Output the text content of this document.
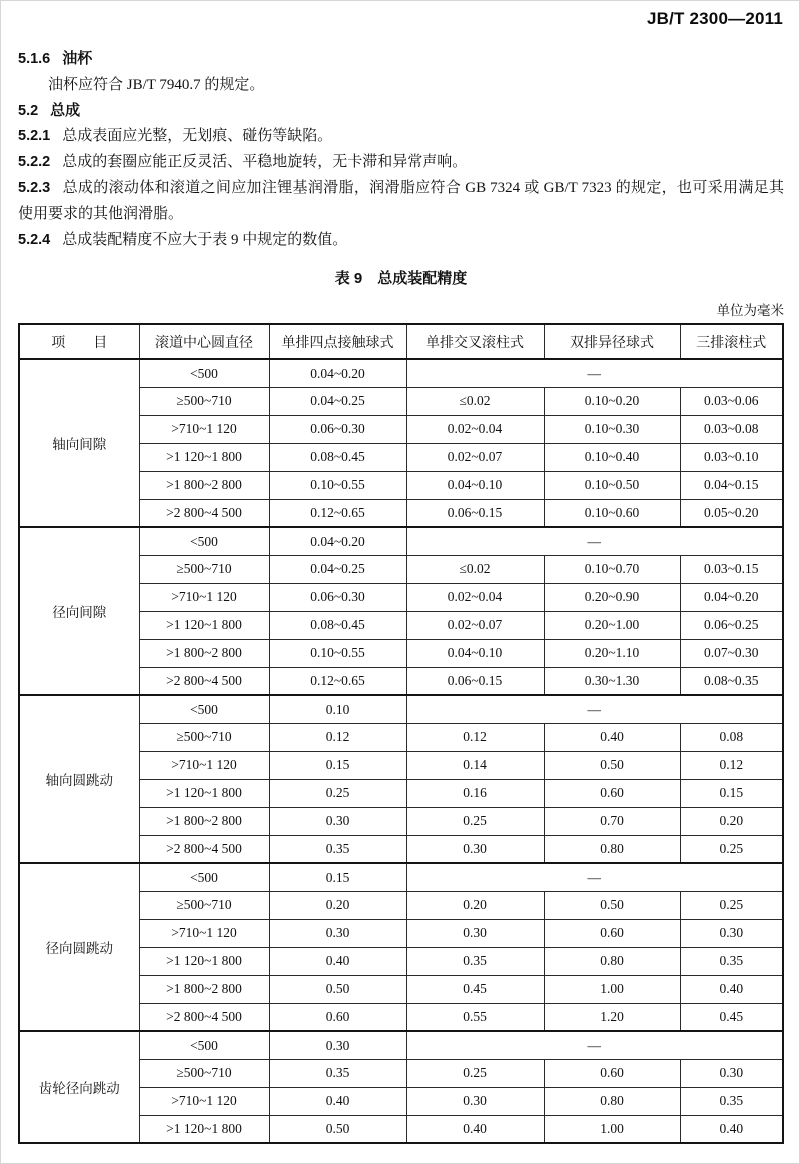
JB/T 2300—2011
5.1.6 油杯

油杯应符合 JB/T 7940.7 的规定。

5.2 总成

5.2.1 总成表面应光整，无划痕、碰伤等缺陷。

5.2.2 总成的套圈应能正反灵活、平稳地旋转，无卡滞和异常声响。

5.2.3 总成的滚动体和滚道之间应加注锂基润滑脂，润滑脂应符合 GB 7324 或 GB/T 7323 的规定，也可采用满足其使用要求的其他润滑脂。

5.2.4 总成装配精度不应大于表 9 中规定的数值。

表 9　总成装配精度
单位为毫米
项　　目	滚道中心圆直径	单排四点接触球式	单排交叉滚柱式	双排异径球式	三排滚柱式
轴向间隙	<500	0.04~0.20	—		
	≥500~710	0.04~0.25	≤0.02	0.10~0.20	0.03~0.06
	>710~1 120	0.06~0.30	0.02~0.04	0.10~0.30	0.03~0.08
	>1 120~1 800	0.08~0.45	0.02~0.07	0.10~0.40	0.03~0.10
	>1 800~2 800	0.10~0.55	0.04~0.10	0.10~0.50	0.04~0.15
	>2 800~4 500	0.12~0.65	0.06~0.15	0.10~0.60	0.05~0.20
径向间隙	<500	0.04~0.20	—		
	≥500~710	0.04~0.25	≤0.02	0.10~0.70	0.03~0.15
	>710~1 120	0.06~0.30	0.02~0.04	0.20~0.90	0.04~0.20
	>1 120~1 800	0.08~0.45	0.02~0.07	0.20~1.00	0.06~0.25
	>1 800~2 800	0.10~0.55	0.04~0.10	0.20~1.10	0.07~0.30
	>2 800~4 500	0.12~0.65	0.06~0.15	0.30~1.30	0.08~0.35
轴向圆跳动	<500	0.10	—		
	≥500~710	0.12	0.12	0.40	0.08
	>710~1 120	0.15	0.14	0.50	0.12
	>1 120~1 800	0.25	0.16	0.60	0.15
	>1 800~2 800	0.30	0.25	0.70	0.20
	>2 800~4 500	0.35	0.30	0.80	0.25
径向圆跳动	<500	0.15	—		
	≥500~710	0.20	0.20	0.50	0.25
	>710~1 120	0.30	0.30	0.60	0.30
	>1 120~1 800	0.40	0.35	0.80	0.35
	>1 800~2 800	0.50	0.45	1.00	0.40
	>2 800~4 500	0.60	0.55	1.20	0.45
齿轮径向跳动	<500	0.30	—		
	≥500~710	0.35	0.25	0.60	0.30
	>710~1 120	0.40	0.30	0.80	0.35
	>1 120~1 800	0.50	0.40	1.00	0.40
